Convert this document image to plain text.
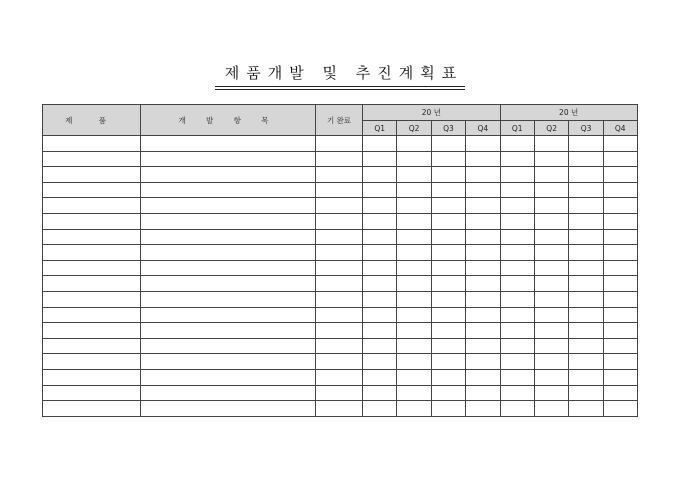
제품개발 및 추진계획표
제 품	개 발 항 목	기 완료	20 년				20 년			
			Q1	Q2	Q3	Q4	Q1	Q2	Q3	Q4
